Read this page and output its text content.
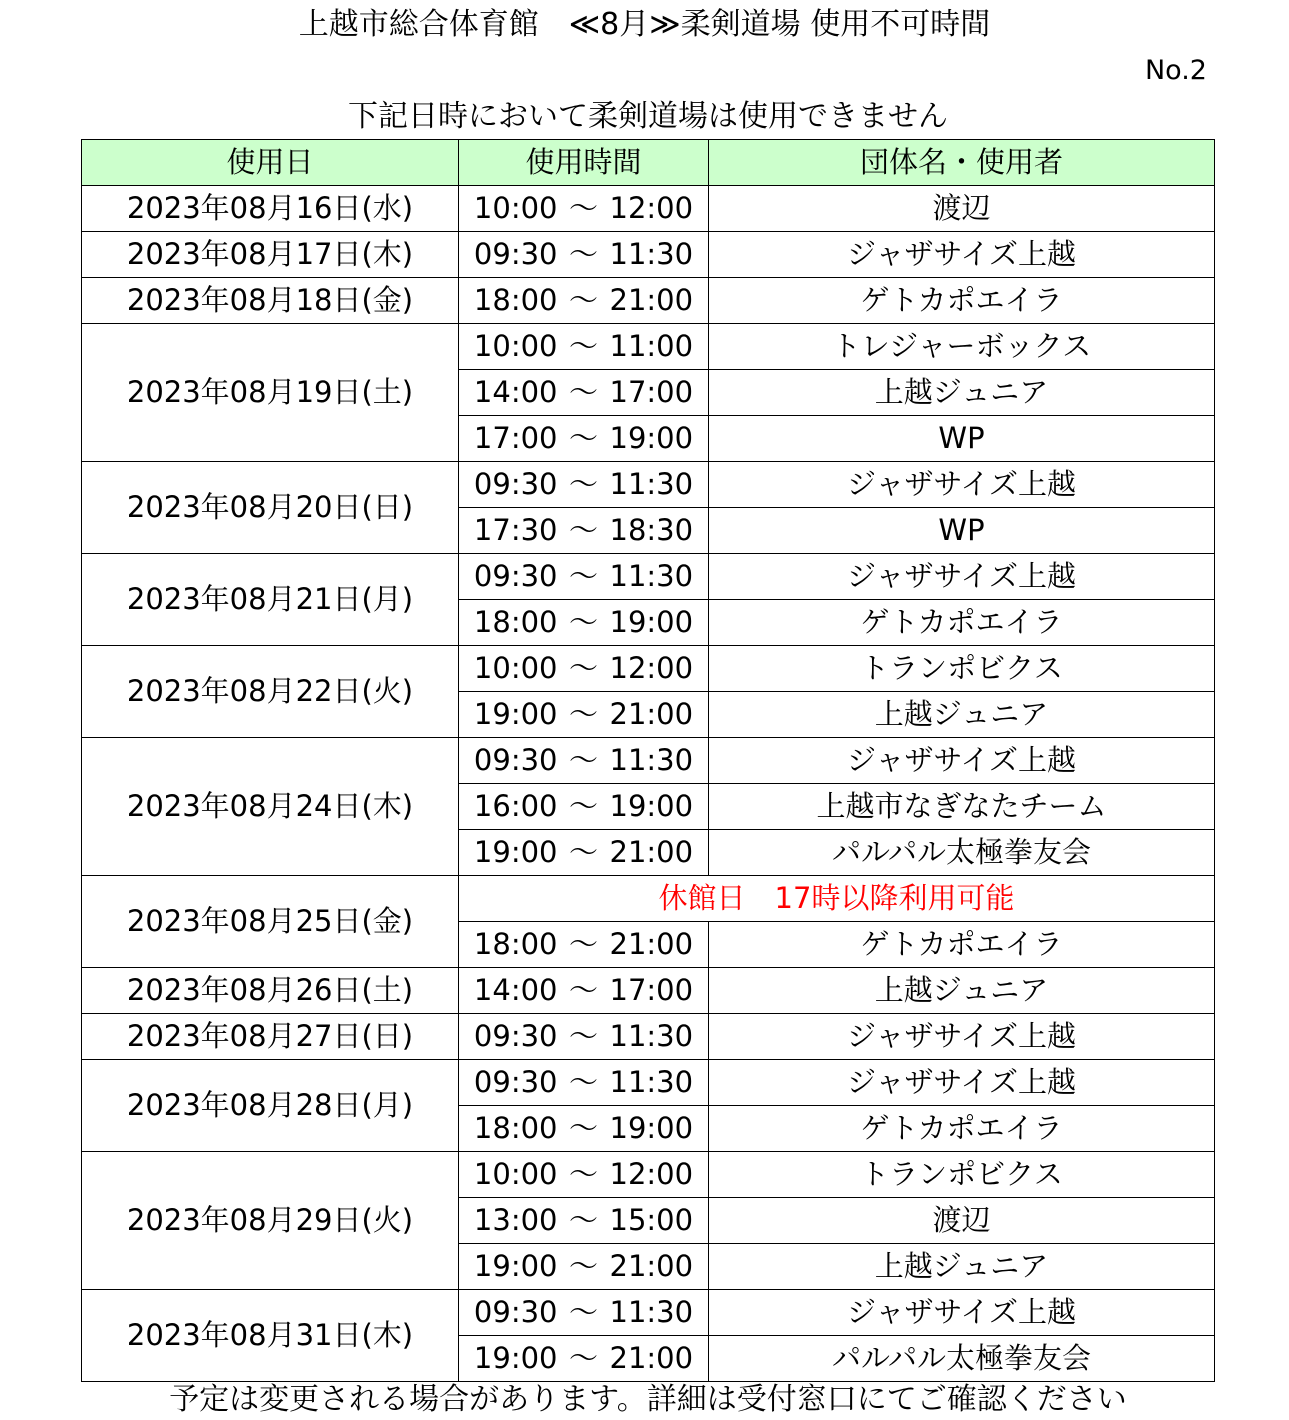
上越市総合体育館　≪8月≫柔剣道場 使用不可時間
No.2
下記日時において柔剣道場は使用できません
使用日	使用時間	団体名・使用者
2023年08月16日(水)	10:00 ～ 12:00	渡辺
2023年08月17日(木)	09:30 ～ 11:30	ジャザサイズ上越
2023年08月18日(金)	18:00 ～ 21:00	ゲトカポエイラ
2023年08月19日(土)	10:00 ～ 11:00	トレジャーボックス
	14:00 ～ 17:00	上越ジュニア
	17:00 ～ 19:00	WP
2023年08月20日(日)	09:30 ～ 11:30	ジャザサイズ上越
	17:30 ～ 18:30	WP
2023年08月21日(月)	09:30 ～ 11:30	ジャザサイズ上越
	18:00 ～ 19:00	ゲトカポエイラ
2023年08月22日(火)	10:00 ～ 12:00	トランポビクス
	19:00 ～ 21:00	上越ジュニア
2023年08月24日(木)	09:30 ～ 11:30	ジャザサイズ上越
	16:00 ～ 19:00	上越市なぎなたチーム
	19:00 ～ 21:00	パルパル太極拳友会
2023年08月25日(金)	休館日　17時以降利用可能	
	18:00 ～ 21:00	ゲトカポエイラ
2023年08月26日(土)	14:00 ～ 17:00	上越ジュニア
2023年08月27日(日)	09:30 ～ 11:30	ジャザサイズ上越
2023年08月28日(月)	09:30 ～ 11:30	ジャザサイズ上越
	18:00 ～ 19:00	ゲトカポエイラ
2023年08月29日(火)	10:00 ～ 12:00	トランポビクス
	13:00 ～ 15:00	渡辺
	19:00 ～ 21:00	上越ジュニア
2023年08月31日(木)	09:30 ～ 11:30	ジャザサイズ上越
	19:00 ～ 21:00	パルパル太極拳友会
予定は変更される場合があります。詳細は受付窓口にてご確認ください
